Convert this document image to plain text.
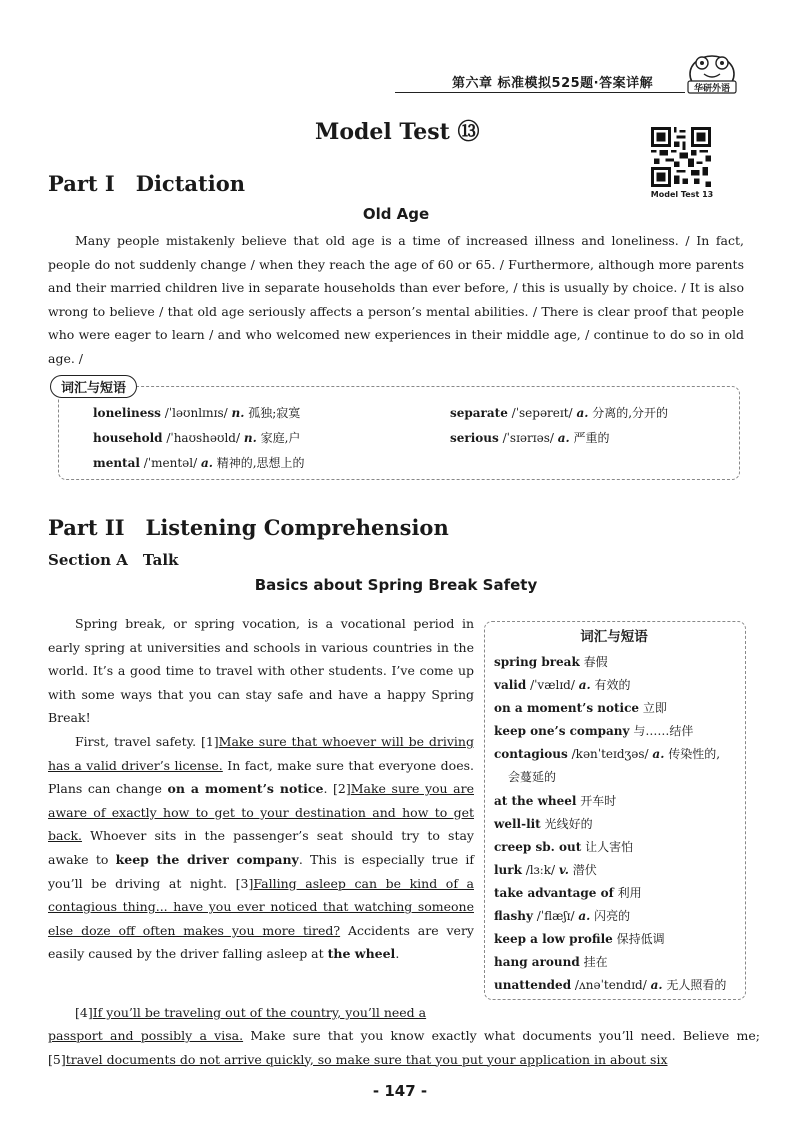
第六章 标准模拟525题·答案详解	华研外语
Model Test ⑬
Model Test 13
Part I　Dictation
Old Age

Many people mistakenly believe that old age is a time of increased illness and loneliness. / In fact, people do not suddenly change / when they reach the age of 60 or 65. / Furthermore, although more parents and their married children live in separate households than ever before, / this is usually by choice. / It is also wrong to believe / that old age seriously affects a person’s mental abilities. / There is clear proof that people who were eager to learn / and who welcomed new experiences in their middle age, / continue to do so in old age. /

词汇与短语
loneliness /ˈləʊnlɪnɪs/ n. 孤独;寂寞	separate /ˈsepəreɪt/ a. 分离的,分开的
household /ˈhaʊshəʊld/ n. 家庭,户	serious /ˈsɪərɪəs/ a. 严重的
mental /ˈmentəl/ a. 精神的,思想上的
Part II　Listening Comprehension
Section A　Talk
Basics about Spring Break Safety

Spring break, or spring vocation, is a vocational period in early spring at universities and schools in various countries in the world. It’s a good time to travel with other students. I’ve come up with some ways that you can stay safe and have a happy Spring Break!

First, travel safety. [1]Make sure that whoever will be driving has a valid driver’s license. In fact, make sure that everyone does. Plans can change on a moment’s notice. [2]Make sure you are aware of exactly how to get to your destination and how to get back. Whoever sits in the passenger’s seat should try to stay awake to keep the driver company. This is especially true if you’ll be driving at night. [3]Falling asleep can be kind of a contagious thing... have you ever noticed that watching someone else doze off often makes you more tired? Accidents are very easily caused by the driver falling asleep at the wheel.

词汇与短语
spring break 春假
valid /ˈvælɪd/ a. 有效的
on a moment’s notice 立即
keep one’s company 与……结伴
contagious /kənˈteɪdʒəs/ a. 传染性的,
会蔓延的
at the wheel 开车时
well-lit 光线好的
creep sb. out 让人害怕
lurk /lɜːk/ v. 潜伏
take advantage of 利用
flashy /ˈflæʃɪ/ a. 闪亮的
keep a low profile 保持低调
hang around 挂在
unattended /ʌnəˈtendɪd/ a. 无人照看的

[4]If you’ll be traveling out of the country, you’ll need a

passport and possibly a visa. Make sure that you know exactly what documents you’ll need. Believe me; [5]travel documents do not arrive quickly, so make sure that you put your application in about six

- 147 -
